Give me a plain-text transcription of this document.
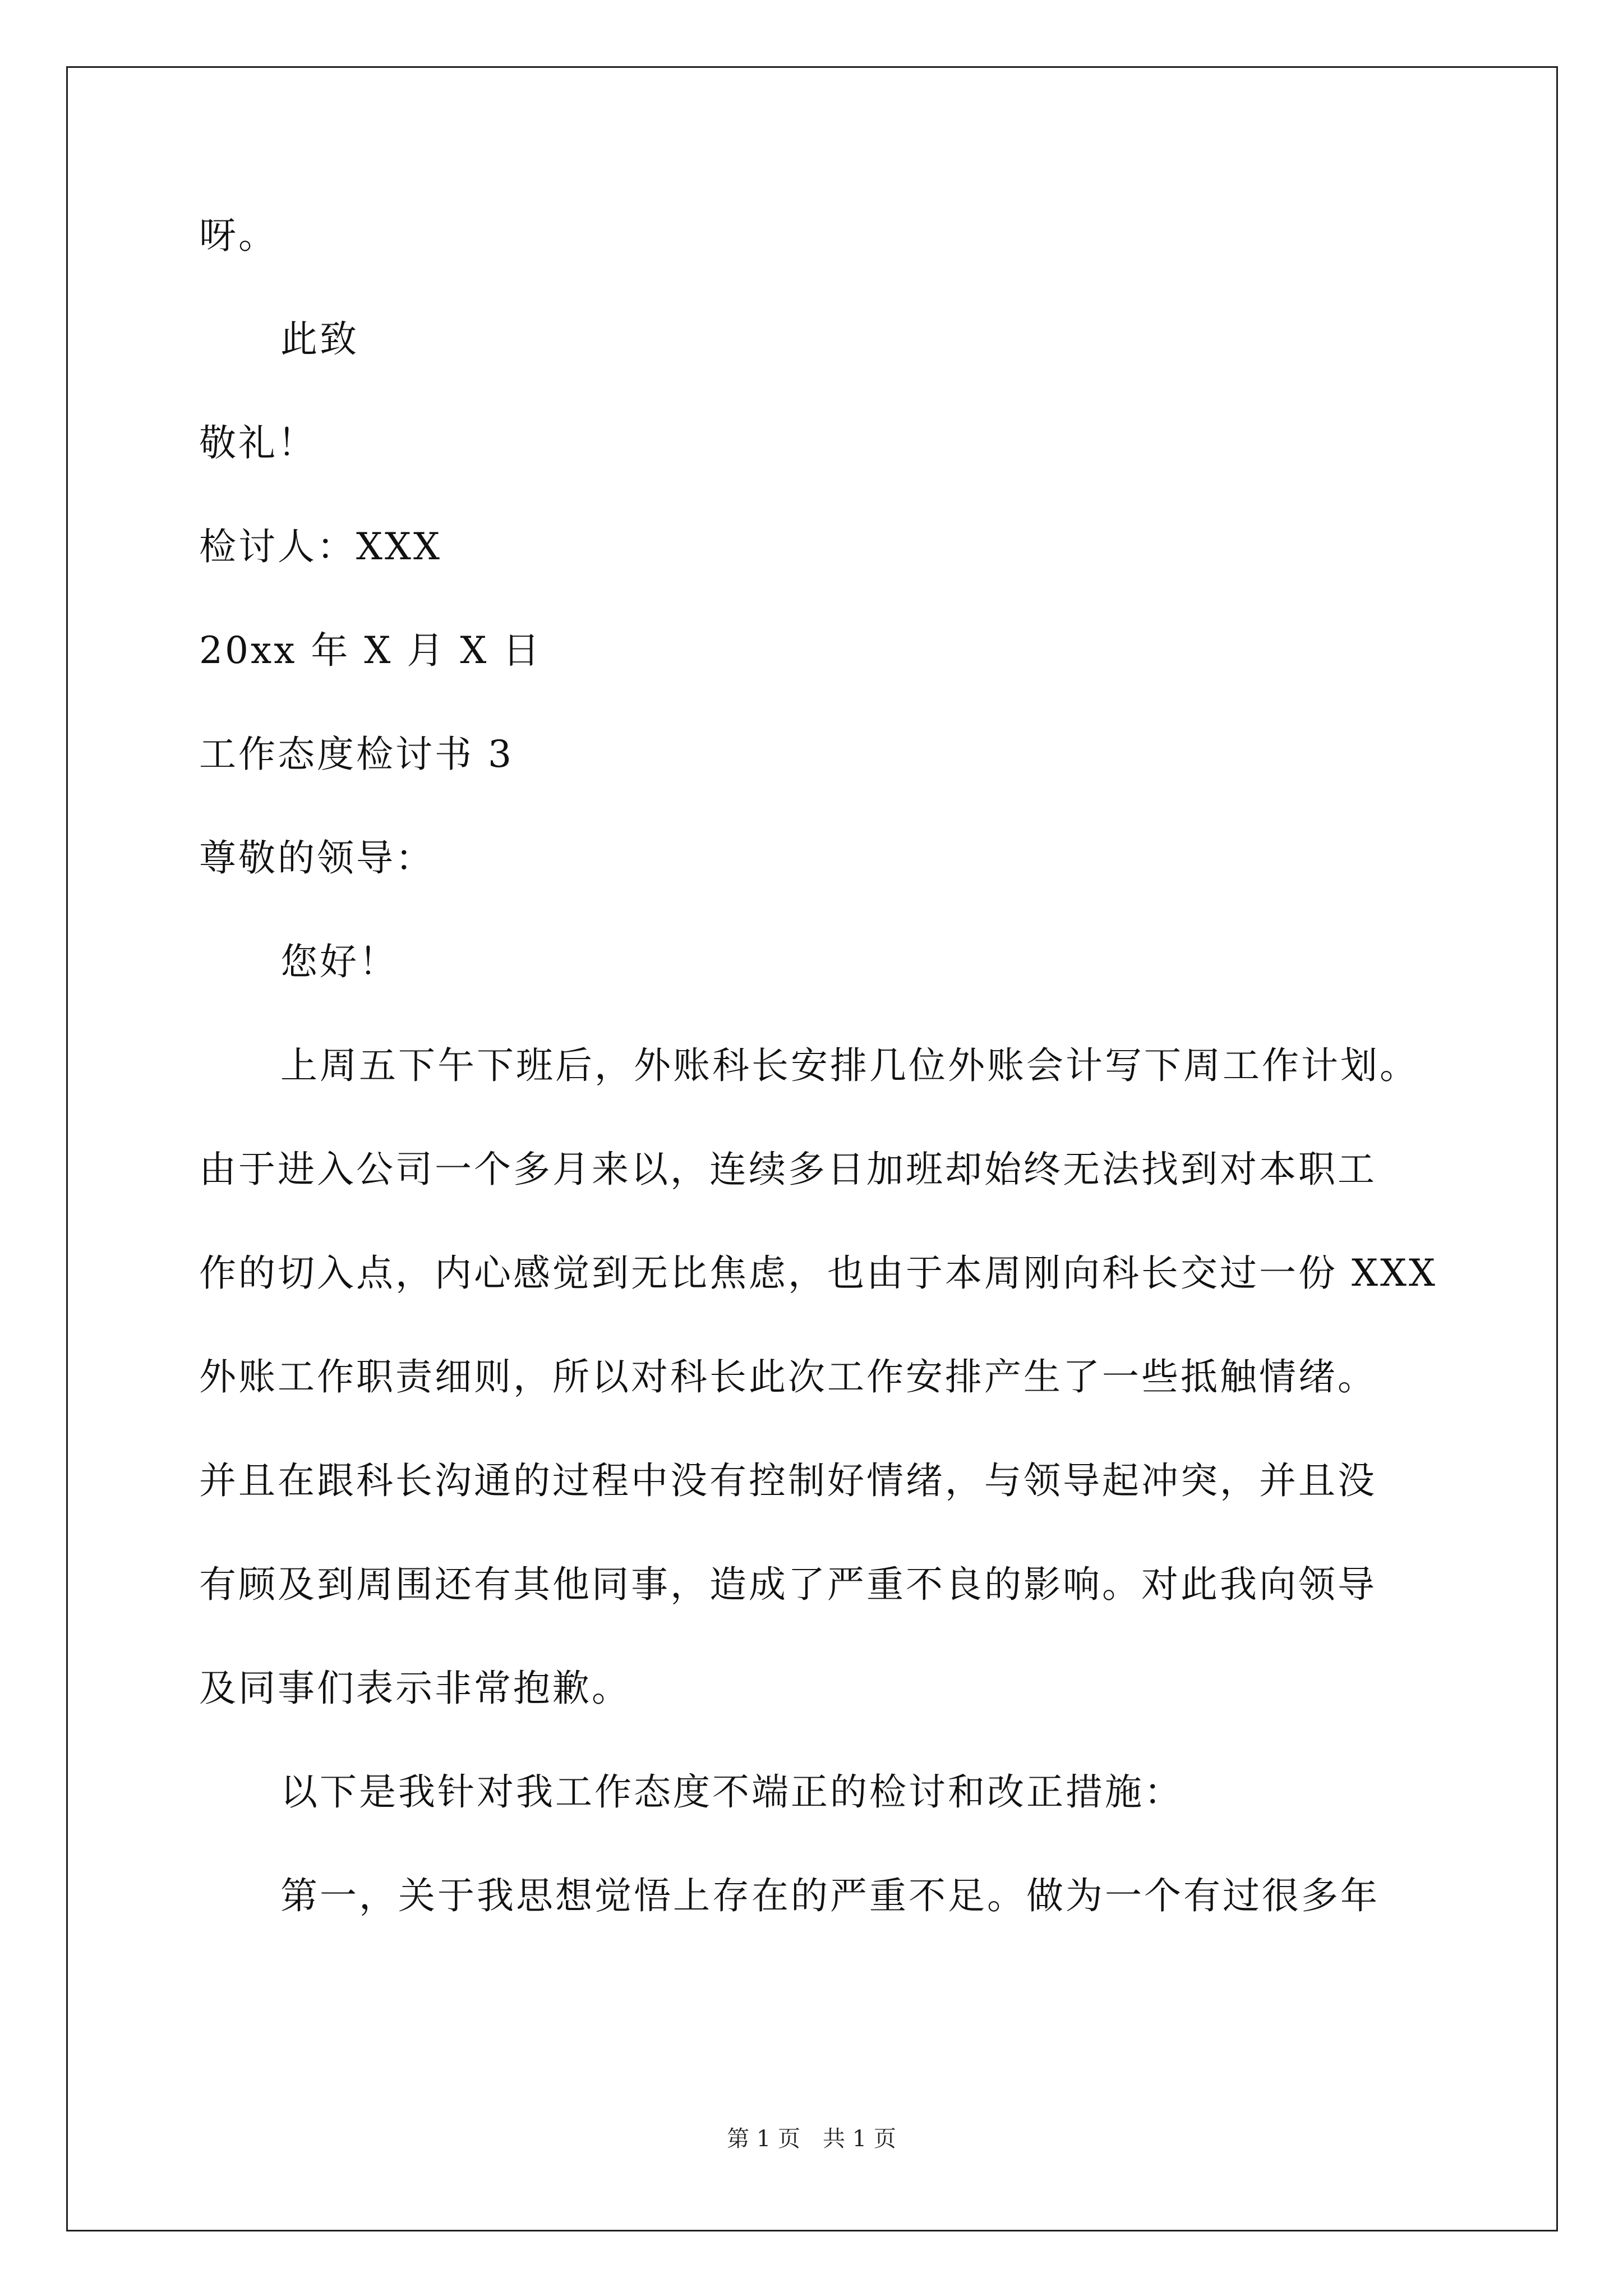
呀。
此致
敬礼！
检讨人：XXX
20xx 年 X 月 X 日
工作态度检讨书 3
尊敬的领导：
您好！
上周五下午下班后，外账科长安排几位外账会计写下周工作计划。
由于进入公司一个多月来以，连续多日加班却始终无法找到对本职工
作的切入点，内心感觉到无比焦虑，也由于本周刚向科长交过一份 XXX
外账工作职责细则，所以对科长此次工作安排产生了一些抵触情绪。
并且在跟科长沟通的过程中没有控制好情绪，与领导起冲突，并且没
有顾及到周围还有其他同事，造成了严重不良的影响。对此我向领导
及同事们表示非常抱歉。
以下是我针对我工作态度不端正的检讨和改正措施：
第一，关于我思想觉悟上存在的严重不足。做为一个有过很多年
第 1 页　共 1 页
